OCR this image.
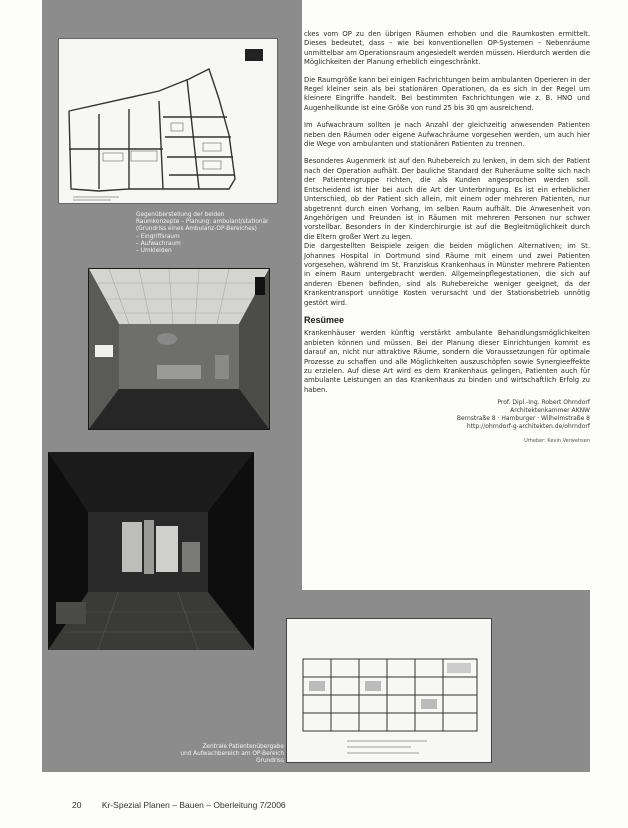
Gegenüberstellung der beiden
Raumkonzepte – Planung: ambulant/stationär
(Grundriss eines Ambulanz-OP-Bereiches)
– Eingriffsraum
– Aufwachraum
– Umkleiden
Zentrale Patientenübergabe
und Aufwachbereich am OP-Bereich
Grundriss

ckes vom OP zu den übrigen Räumen erhoben und die Raumkosten ermittelt. Dieses bedeutet, dass – wie bei konventionellen OP-Systemen – Nebenräume unmittelbar am Operationsraum angesiedelt werden müssen. Hierdurch werden die Möglichkeiten der Planung erheblich eingeschränkt.

Die Raumgröße kann bei einigen Fachrichtungen beim ambulanten Operieren in der Regel kleiner sein als bei stationären Operationen, da es sich in der Regel um kleinere Eingriffe handelt. Bei bestimmten Fachrichtungen wie z. B. HNO und Augenheilkunde ist eine Größe von rund 25 bis 30 qm ausreichend.

Im Aufwachraum sollten je nach Anzahl der gleichzeitig anwesenden Patienten neben den Räumen oder eigene Aufwachräume vorgesehen werden, um auch hier die Wege von ambulanten und stationären Patienten zu trennen.

Besonderes Augenmerk ist auf den Ruhebereich zu lenken, in dem sich der Patient nach der Operation aufhält. Der bauliche Standard der Ruheräume sollte sich nach der Patientengruppe richten, die als Kunden angesprochen werden soll. Entscheidend ist hier bei auch die Art der Unterbringung. Es ist ein erheblicher Unterschied, ob der Patient sich allein, mit einem oder mehreren Patienten, nur abgetrennt durch einen Vorhang, im selben Raum aufhält. Die Anwesenheit von Angehörigen und Freunden ist in Räumen mit mehreren Personen nur schwer vorstellbar. Besonders in der Kinderchirurgie ist auf die Begleitmöglichkeit durch die Eltern großer Wert zu legen.

Die dargestellten Beispiele zeigen die beiden möglichen Alternativen; im St. Johannes Hospital in Dortmund sind Räume mit einem und zwei Patienten vorgesehen, während im St. Franziskus Krankenhaus in Münster mehrere Patienten in einem Raum untergebracht werden. Allgemeinpflegestationen, die sich auf anderen Ebenen befinden, sind als Ruhebereiche weniger geeignet, da der Krankentransport unnötige Kosten verursacht und der Stationsbetrieb unnötig gestört wird.

Resümee

Krankenhäuser werden künftig verstärkt ambulante Behandlungsmöglichkeiten anbieten können und müssen. Bei der Planung dieser Einrichtungen kommt es darauf an, nicht nur attraktive Räume, sondern die Voraussetzungen für optimale Prozesse zu schaffen und alle Möglichkeiten auszuschöpfen sowie Synergieeffekte zu erzielen. Auf diese Art wird es dem Krankenhaus gelingen, Patienten auch für ambulante Leistungen an das Krankenhaus zu binden und wirtschaftlich Erfolg zu haben.

Prof. Dipl.-Ing. Robert Ohrndorf
Architektenkammer AKNW
Bernstraße 8 · Hamburger · Wilhelmstraße 8
http://ohrndorf-g-architekten.de/ohrndorf
Urheber: Kevin Verwehsen
20 Kr-Spezial Planen – Bauen – Oberleitung 7/2006
